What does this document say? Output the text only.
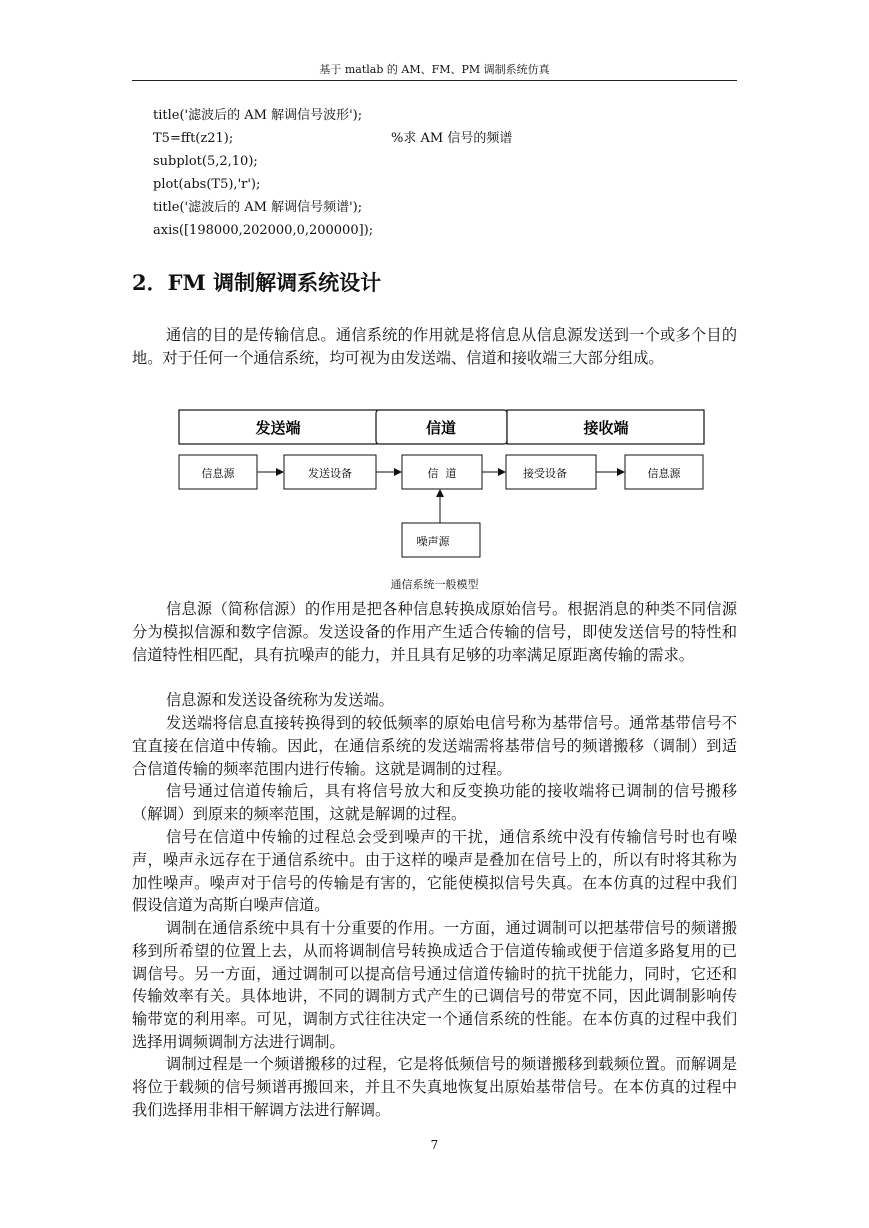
基于 matlab 的 AM、FM、PM 调制系统仿真
title('滤波后的 AM 解调信号波形');
T5=fft(z21);	%求 AM 信号的频谱
subplot(5,2,10);
plot(abs(T5),'r');
title('滤波后的 AM 解调信号频谱');
axis([198000,202000,0,200000]);
2．FM 调制解调系统设计

通信的目的是传输信息。通信系统的作用就是将信息从信息源发送到一个或多个目的地。对于任何一个通信系统，均可视为由发送端、信道和接收端三大部分组成。

发送端	信道	接收端
信息源	发送设备	信  道	接受设备	信息源
噪声源
通信系统一般模型

信息源（简称信源）的作用是把各种信息转换成原始信号。根据消息的种类不同信源分为模拟信源和数字信源。发送设备的作用产生适合传输的信号，即使发送信号的特性和信道特性相匹配，具有抗噪声的能力，并且具有足够的功率满足原距离传输的需求。

信息源和发送设备统称为发送端。

发送端将信息直接转换得到的较低频率的原始电信号称为基带信号。通常基带信号不宜直接在信道中传输。因此，在通信系统的发送端需将基带信号的频谱搬移（调制）到适合信道传输的频率范围内进行传输。这就是调制的过程。

信号通过信道传输后，具有将信号放大和反变换功能的接收端将已调制的信号搬移（解调）到原来的频率范围，这就是解调的过程。

信号在信道中传输的过程总会受到噪声的干扰，通信系统中没有传输信号时也有噪声，噪声永远存在于通信系统中。由于这样的噪声是叠加在信号上的，所以有时将其称为加性噪声。噪声对于信号的传输是有害的，它能使模拟信号失真。在本仿真的过程中我们假设信道为高斯白噪声信道。

调制在通信系统中具有十分重要的作用。一方面，通过调制可以把基带信号的频谱搬移到所希望的位置上去，从而将调制信号转换成适合于信道传输或便于信道多路复用的已调信号。另一方面，通过调制可以提高信号通过信道传输时的抗干扰能力，同时，它还和传输效率有关。具体地讲，不同的调制方式产生的已调信号的带宽不同，因此调制影响传输带宽的利用率。可见，调制方式往往决定一个通信系统的性能。在本仿真的过程中我们选择用调频调制方法进行调制。

调制过程是一个频谱搬移的过程，它是将低频信号的频谱搬移到载频位置。而解调是将位于载频的信号频谱再搬回来，并且不失真地恢复出原始基带信号。在本仿真的过程中我们选择用非相干解调方法进行解调。

7
